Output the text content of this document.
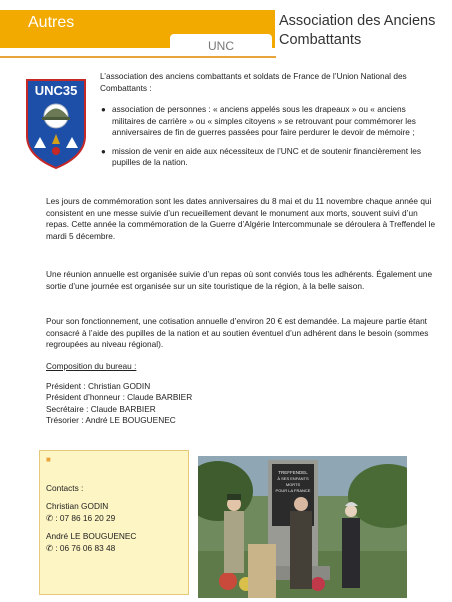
Autres	Association des Anciens Combattants
UNC
UNC35
L’association des anciens combattants et soldats de France de l’Union National des Combattants :
● association de personnes : « anciens appelés sous les drapeaux » ou « anciens militaires de carrière » ou « simples citoyens » se retrouvant pour commémorer les anniversaires de fin de guerres passées pour faire perdurer le devoir de mémoire ;
● mission de venir en aide aux nécessiteux de l’UNC et de soutenir financièrement les pupilles de la nation.
Les jours de commémoration sont les dates anniversaires du 8 mai et du 11 novembre chaque année qui consistent en une messe suivie d’un recueillement devant le monument aux morts, souvent suivi d’un repas. Cette année la commémoration de la Guerre d’Algérie Intercommunale se déroulera à Treffendel le mardi 5 décembre.
Une réunion annuelle est organisée suivie d’un repas où sont conviés tous les adhérents. Également une sortie d’une journée est organisée sur un site touristique de la région, à la belle saison.
Pour son fonctionnement, une cotisation annuelle d’environ 20 € est demandée. La majeure partie étant consacré à l’aide des pupilles de la nation et au soutien éventuel d’un adhérent dans le besoin (sommes regroupées au niveau régional).
Composition du bureau :
Président : Christian GODIN
Président d’honneur : Claude BARBIER
Secrétaire : Claude BARBIER
Trésorier : André LE BOUGUENEC
■
Contacts :
Christian GODIN
✆ : 07 86 16 20 29
André LE BOUGUENEC
✆ : 06 76 06 83 48
TREFFENDEL
À SES ENFANTS
MORTS
POUR LA FRANCE
